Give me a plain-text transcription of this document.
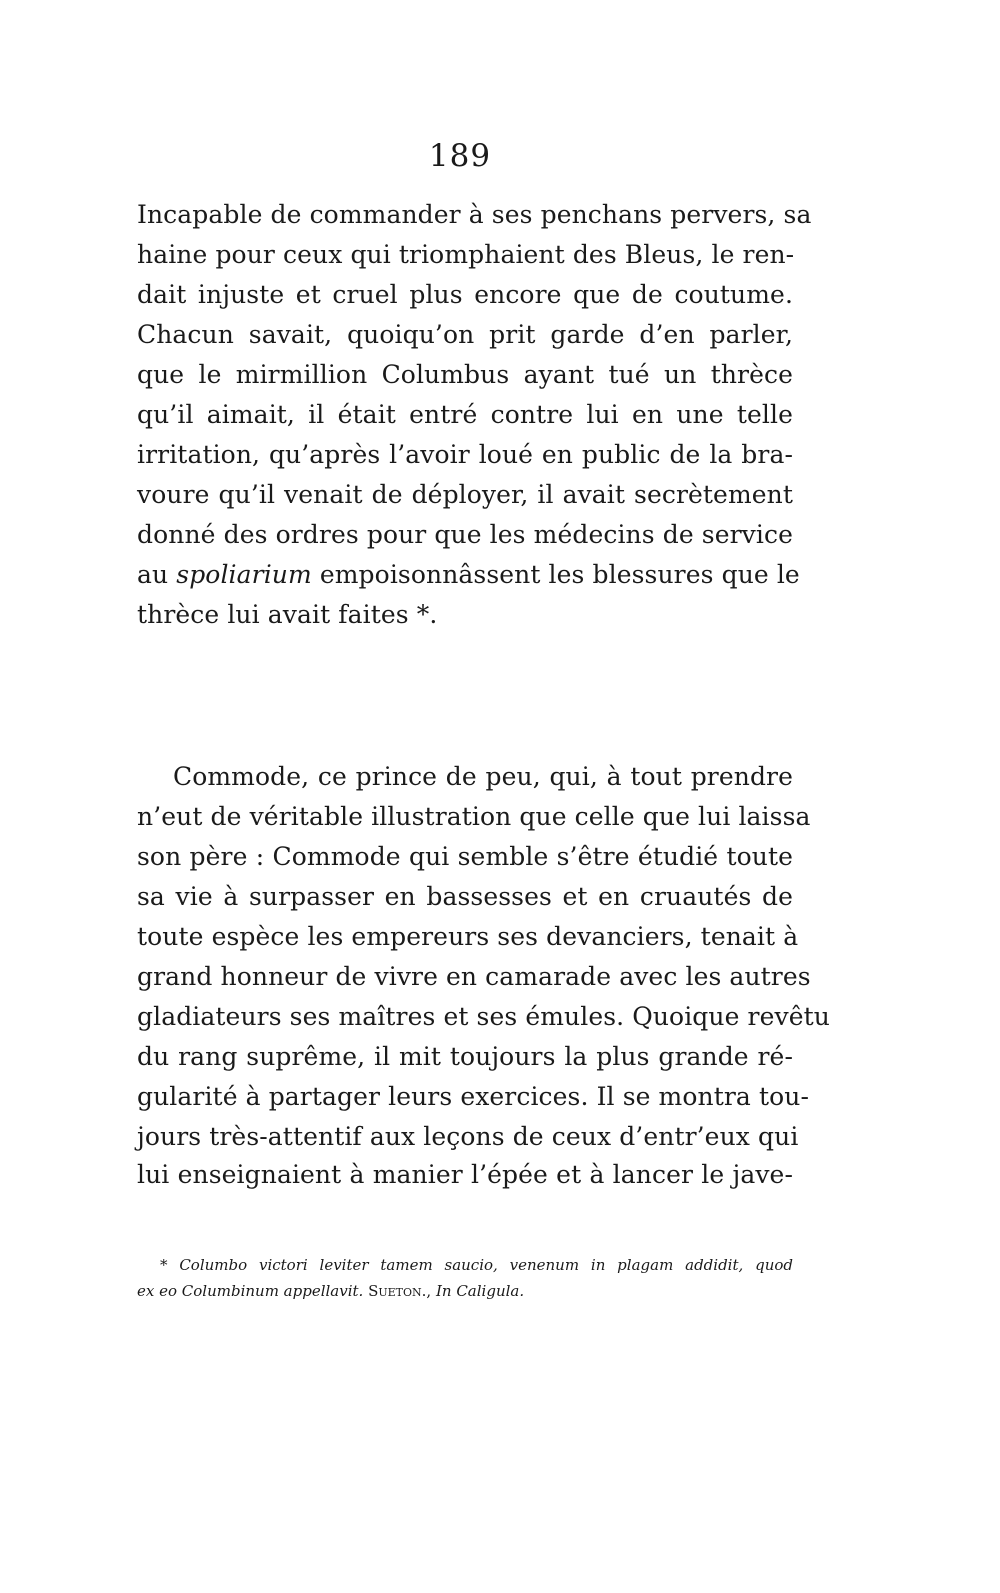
189
Incapable de commander à ses penchans pervers, sa
haine pour ceux qui triomphaient des Bleus, le ren-
dait injuste et cruel plus encore que de coutume.
Chacun savait, quoiqu’on prit garde d’en parler,
que le mirmillion Columbus ayant tué un thrèce
qu’il aimait, il était entré contre lui en une telle
irritation, qu’après l’avoir loué en public de la bra-
voure qu’il venait de déployer, il avait secrètement
donné des ordres pour que les médecins de service
au spoliarium empoisonnâssent les blessures que le
thrèce lui avait faites *.
Commode, ce prince de peu, qui, à tout prendre
n’eut de véritable illustration que celle que lui laissa
son père : Commode qui semble s’être étudié toute
sa vie à surpasser en bassesses et en cruautés de
toute espèce les empereurs ses devanciers, tenait à
grand honneur de vivre en camarade avec les autres
gladiateurs ses maîtres et ses émules. Quoique revêtu
du rang suprême, il mit toujours la plus grande ré-
gularité à partager leurs exercices. Il se montra tou-
jours très-attentif aux leçons de ceux d’entr’eux qui
lui enseignaient à manier l’épée et à lancer le jave-
* Columbo victori leviter tamem saucio, venenum in plagam addidit, quod
ex eo Columbinum appellavit. Sueton., In Caligula.
